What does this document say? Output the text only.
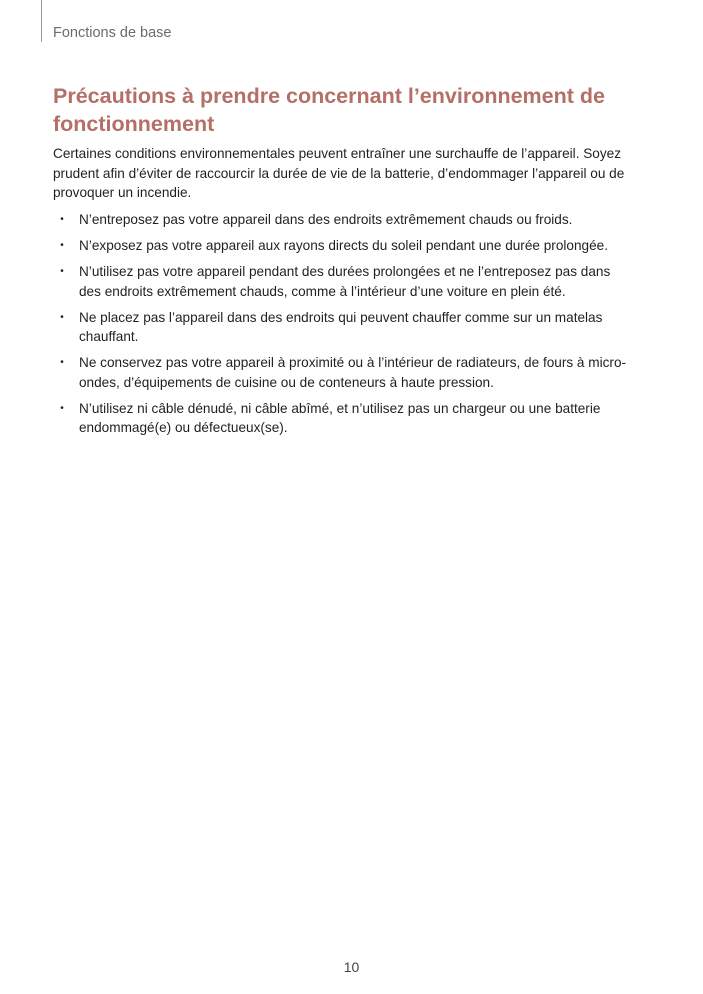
Fonctions de base
Précautions à prendre concernant l’environnement de fonctionnement

Certaines conditions environnementales peuvent entraîner une surchauffe de l’appareil. Soyez prudent afin d’éviter de raccourcir la durée de vie de la batterie, d’endommager l’appareil ou de provoquer un incendie.

• N’entreposez pas votre appareil dans des endroits extrêmement chauds ou froids.
• N’exposez pas votre appareil aux rayons directs du soleil pendant une durée prolongée.
• N’utilisez pas votre appareil pendant des durées prolongées et ne l’entreposez pas dans des endroits extrêmement chauds, comme à l’intérieur d’une voiture en plein été.
• Ne placez pas l’appareil dans des endroits qui peuvent chauffer comme sur un matelas chauffant.
• Ne conservez pas votre appareil à proximité ou à l’intérieur de radiateurs, de fours à micro-ondes, d’équipements de cuisine ou de conteneurs à haute pression.
• N’utilisez ni câble dénudé, ni câble abîmé, et n’utilisez pas un chargeur ou une batterie endommagé(e) ou défectueux(se).
10
